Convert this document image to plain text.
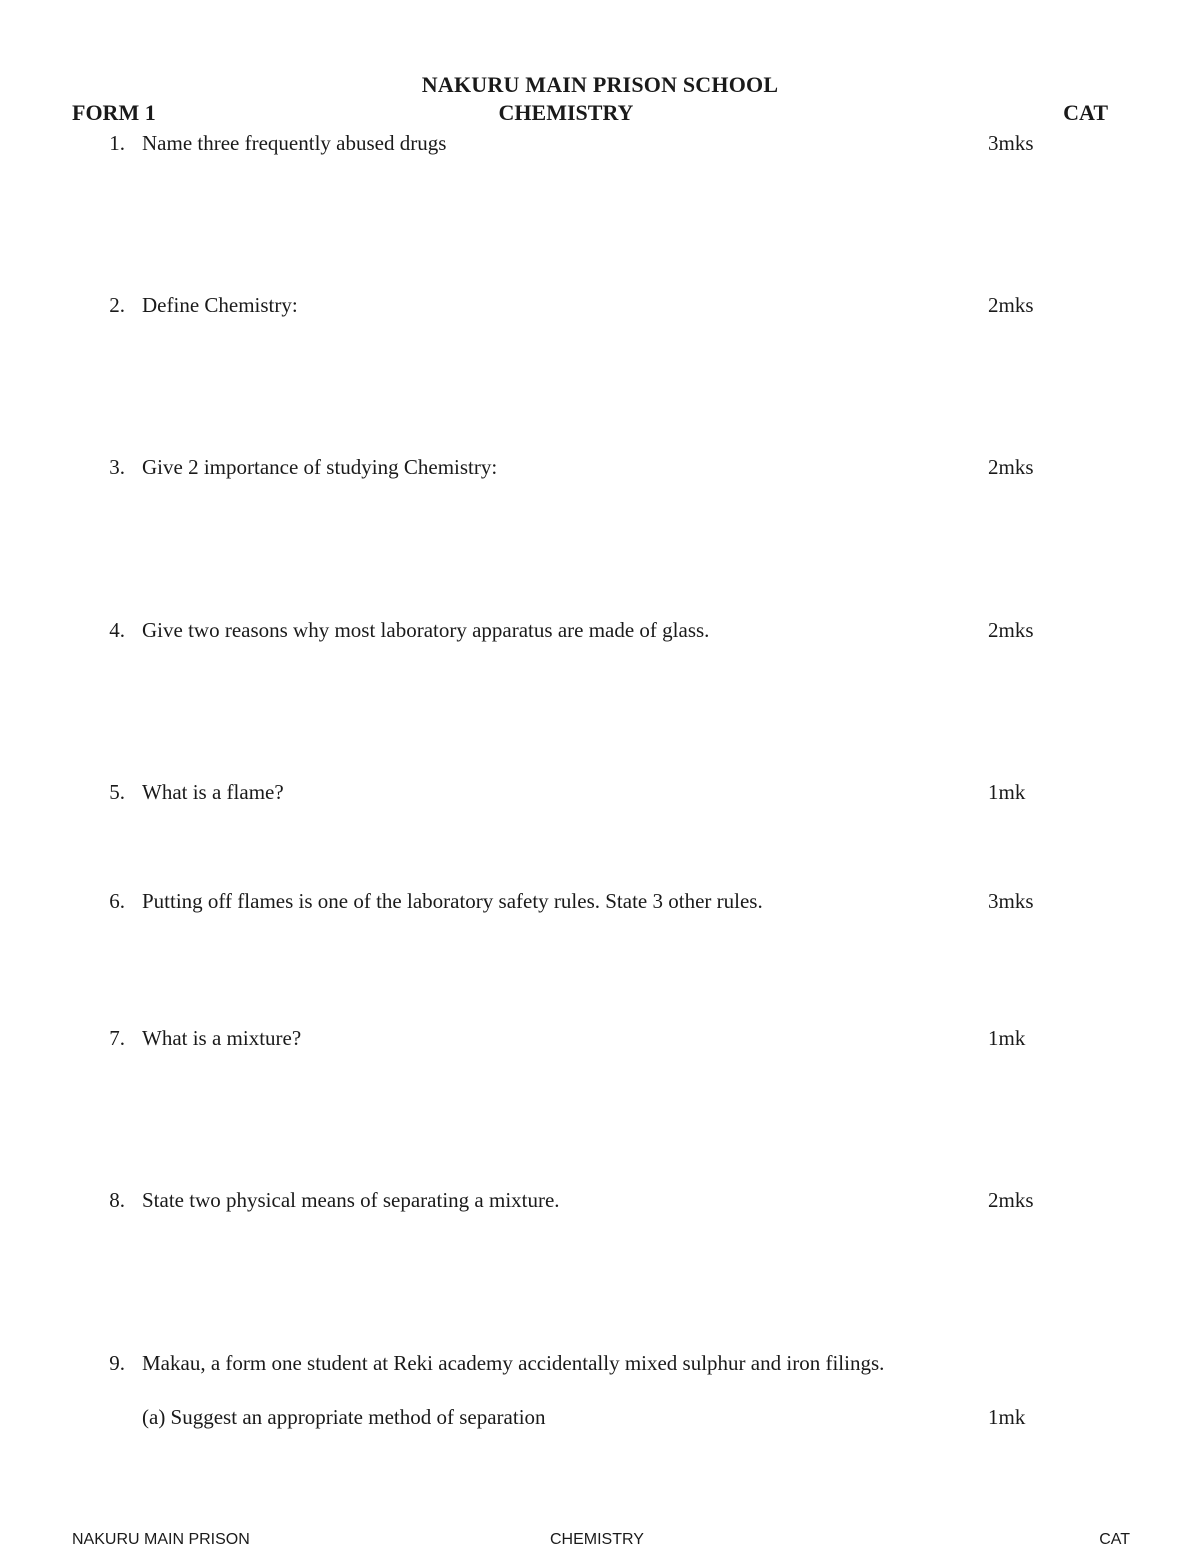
NAKURU MAIN PRISON SCHOOL
FORM 1	CHEMISTRY	CAT
1. Name three frequently abused drugs	3mks
2. Define Chemistry:	2mks
3. Give 2 importance of studying Chemistry:	2mks
4. Give two reasons why most laboratory apparatus are made of glass.	2mks
5. What is a flame?	1mk
6. Putting off flames is one of the laboratory safety rules. State 3 other rules.	3mks
7. What is a mixture?	1mk
8. State two physical means of separating a mixture.	2mks
9. Makau, a form one student at Reki academy accidentally mixed sulphur and iron filings.
(a) Suggest an appropriate method of separation	1mk
NAKURU MAIN PRISON	CHEMISTRY	CAT
